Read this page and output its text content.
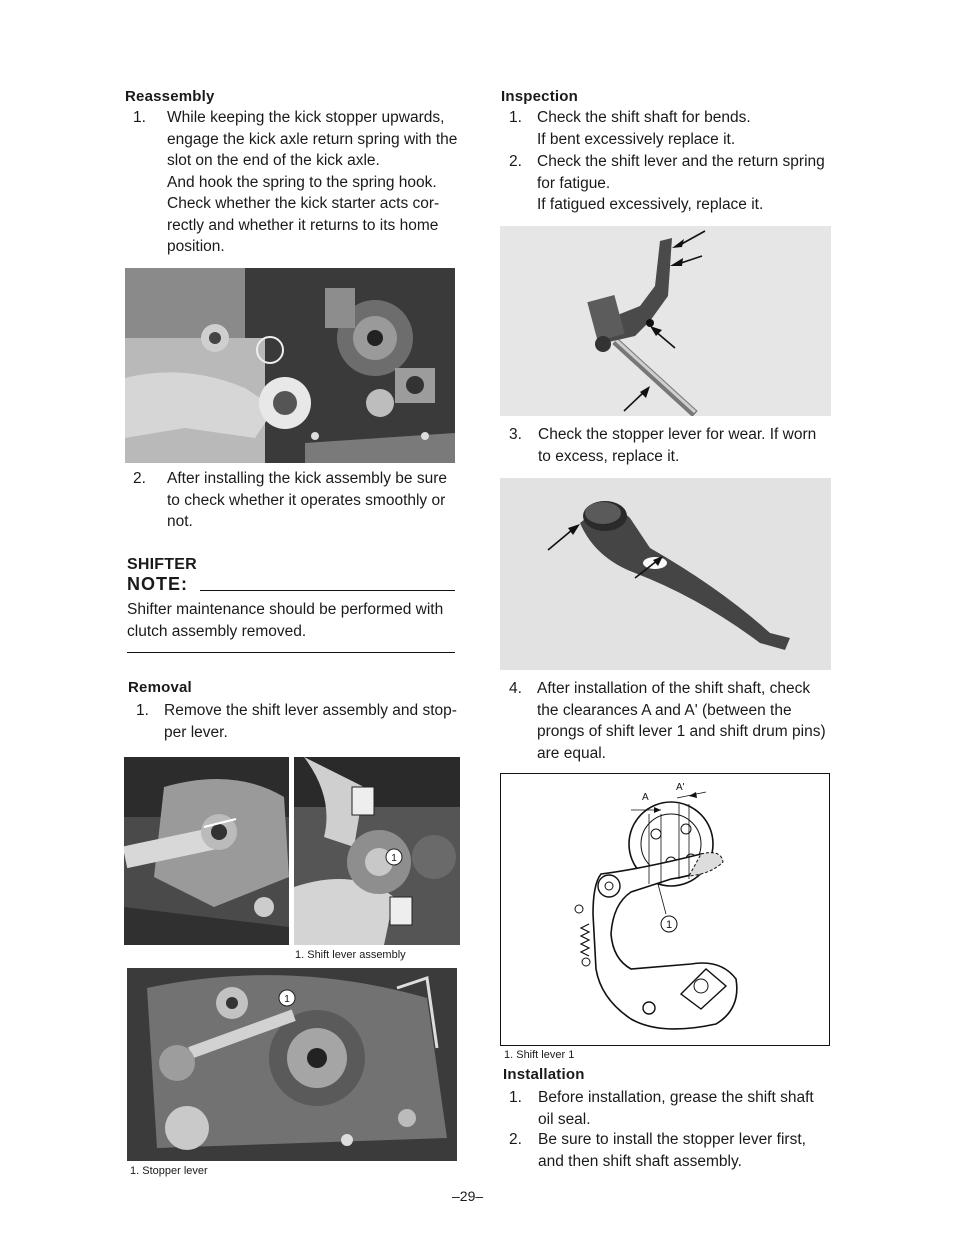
Reassembly
1. While keeping the kick stopper upwards,
engage the kick axle return spring with the
slot on the end of the kick axle.
And hook the spring to the spring hook.
Check whether the kick starter acts cor-
rectly and whether it returns to its home
position.
2. After installing the kick assembly be sure
to check whether it operates smoothly or
not.
SHIFTER
NOTE:
Shifter maintenance should be performed with
clutch assembly removed.
Removal
1. Remove the shift lever assembly and stop-
per lever.
1
1. Shift lever assembly
1
1. Stopper lever
Inspection
1. Check the shift shaft for bends.
If bent excessively replace it.
2. Check the shift lever and the return spring
for fatigue.
If fatigued excessively, replace it.
3. Check the stopper lever for wear. If worn
to excess, replace it.
4. After installation of the shift shaft, check
the clearances A and A' (between the
prongs of shift lever 1 and shift drum pins)
are equal.
A
A'
1
1. Shift lever 1
Installation
1. Before installation, grease the shift shaft
oil seal.
2. Be sure to install the stopper lever first,
and then shift shaft assembly.
–29–
